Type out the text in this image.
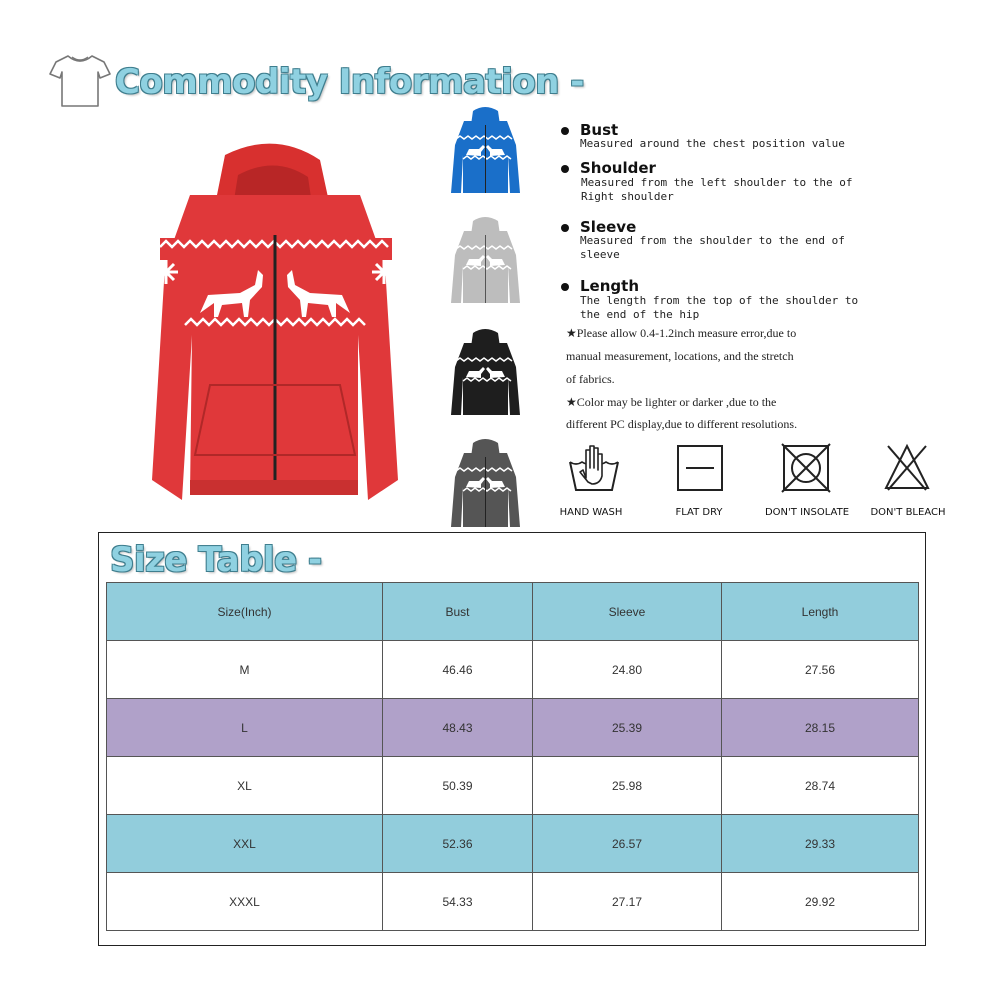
Commodity Information -
Bust
Measured around the chest position value
Shoulder
Measured from the left shoulder to the of Right shoulder
Sleeve
Measured from the shoulder to the end of sleeve
Length
The length from the top of the shoulder to the end of the hip
★Please allow 0.4-1.2inch measure error,due to
manual measurement, locations, and the stretch
of fabrics.
★Color may be lighter or darker ,due to the
different PC display,due to different resolutions.
HAND WASH	FLAT DRY	DON'T INSOLATE	DON'T BLEACH
Size Table -
Size(Inch)	Bust	Sleeve	Length
M	46.46	24.80	27.56
L	48.43	25.39	28.15
XL	50.39	25.98	28.74
XXL	52.36	26.57	29.33
XXXL	54.33	27.17	29.92
